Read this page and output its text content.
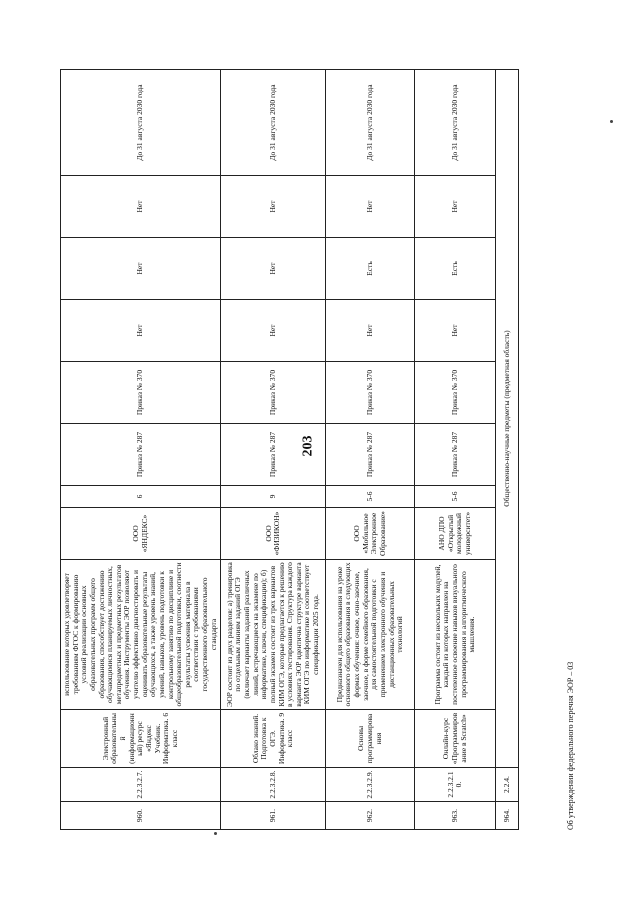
203
960.	2.2.3.2.7.	Электронный образовательный (информационный) ресурс «Яндекс Учебник. Информатика. 6 класс	использование которых удовлетворяет требованиям ФГОС к формированию условий реализации основных образовательных программ общего образования, способствует достижению обучающимися планируемых личностных, метапредметных и предметных результатов обучения. Инструменты ЭОР позволяют учителю эффективно диагностировать и оценивать образовательные результаты обучающихся, а также уровень знаний, умений, навыков, уровень подготовки к контрольному занятию по дисциплине и общеобразовательной подготовки, соотнести результаты усвоения материала в соответствии с требованиями государственного образовательного стандарта	ООО «ЯНДЕКС»	6	Приказ № 287	Приказ № 370	Нет	Нет	Нет	До 31 августа 2030 года
961.	2.2.3.2.8.	Облако знаний. Подготовка к ОГЭ. Информатика. 9 класс	ЭОР состоит из двух разделов: а) тренировка по отдельным линиям заданий ОГЭ (включает варианты заданий различных линий, встречающиеся на экзамене по информатике, ключи, спецификации); б) полный экзамен состоит из трех вариантов КИМ ОГЭ, которые предлагается к решению в условиях тестирования. Структура каждого варианта ЭОР идентична структуре варианта КИМ ОГЭ по информатике и соответствует спецификации 2025 года.	ООО «ФИЗИКОН»	9	Приказ № 287	Приказ № 370	Нет	Нет	Нет	До 31 августа 2030 года
962.	2.2.3.2.9.	Основы программирования	Предназначен для использования на уроке основного общего образования в следующих формах обучения: очное, очно-заочное, заочное, в форме семейного образования, для самостоятельной подготовки с применением электронного обучения и дистанционных образовательных технологий	ООО «Мобильное Электронное Образование»	5-6	Приказ № 287	Приказ № 370	Нет	Есть	Нет	До 31 августа 2030 года
963.	2.2.3.2.10.	Онлайн-курс «Программирование в Scratch»	Программа состоит из нескольких модулей, каждый из которых направлен на постепенное освоение навыков визуального программирования и алгоритмического мышления.	АНО ДПО «Открытый молодежный университет»	5-6	Приказ № 287	Приказ № 370	Нет	Есть	Нет	До 31 августа 2030 года
964.	2.2.4.	Общественно-научные предметы (предметная область)									
Об утверждении федерального перечня ЭОР – 03
